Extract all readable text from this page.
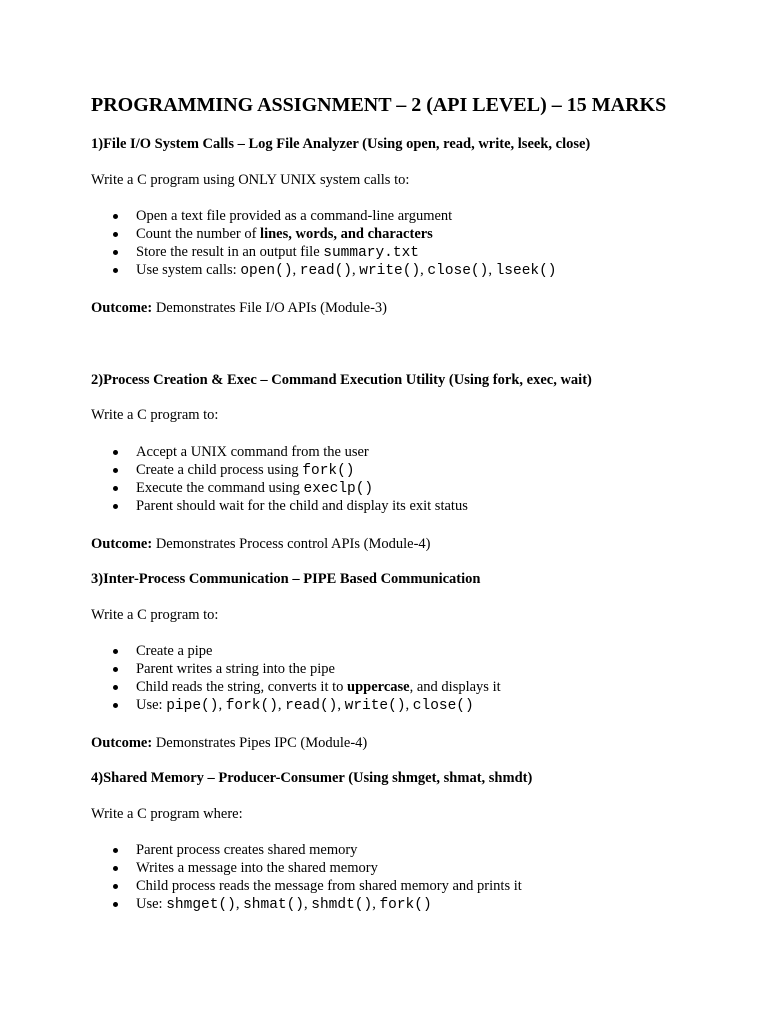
PROGRAMMING ASSIGNMENT – 2 (API LEVEL) – 15 MARKS
1)File I/O System Calls – Log File Analyzer (Using open, read, write, lseek, close)
Write a C program using ONLY UNIX system calls to:
Open a text file provided as a command-line argument
Count the number of lines, words, and characters
Store the result in an output file summary.txt
Use system calls: open(), read(), write(), close(), lseek()
Outcome: Demonstrates File I/O APIs (Module-3)
2)Process Creation & Exec – Command Execution Utility (Using fork, exec, wait)
Write a C program to:
Accept a UNIX command from the user
Create a child process using fork()
Execute the command using execlp()
Parent should wait for the child and display its exit status
Outcome: Demonstrates Process control APIs (Module-4)
3)Inter-Process Communication – PIPE Based Communication
Write a C program to:
Create a pipe
Parent writes a string into the pipe
Child reads the string, converts it to uppercase, and displays it
Use: pipe(), fork(), read(), write(), close()
Outcome: Demonstrates Pipes IPC (Module-4)
4)Shared Memory – Producer-Consumer (Using shmget, shmat, shmdt)
Write a C program where:
Parent process creates shared memory
Writes a message into the shared memory
Child process reads the message from shared memory and prints it
Use: shmget(), shmat(), shmdt(), fork()
